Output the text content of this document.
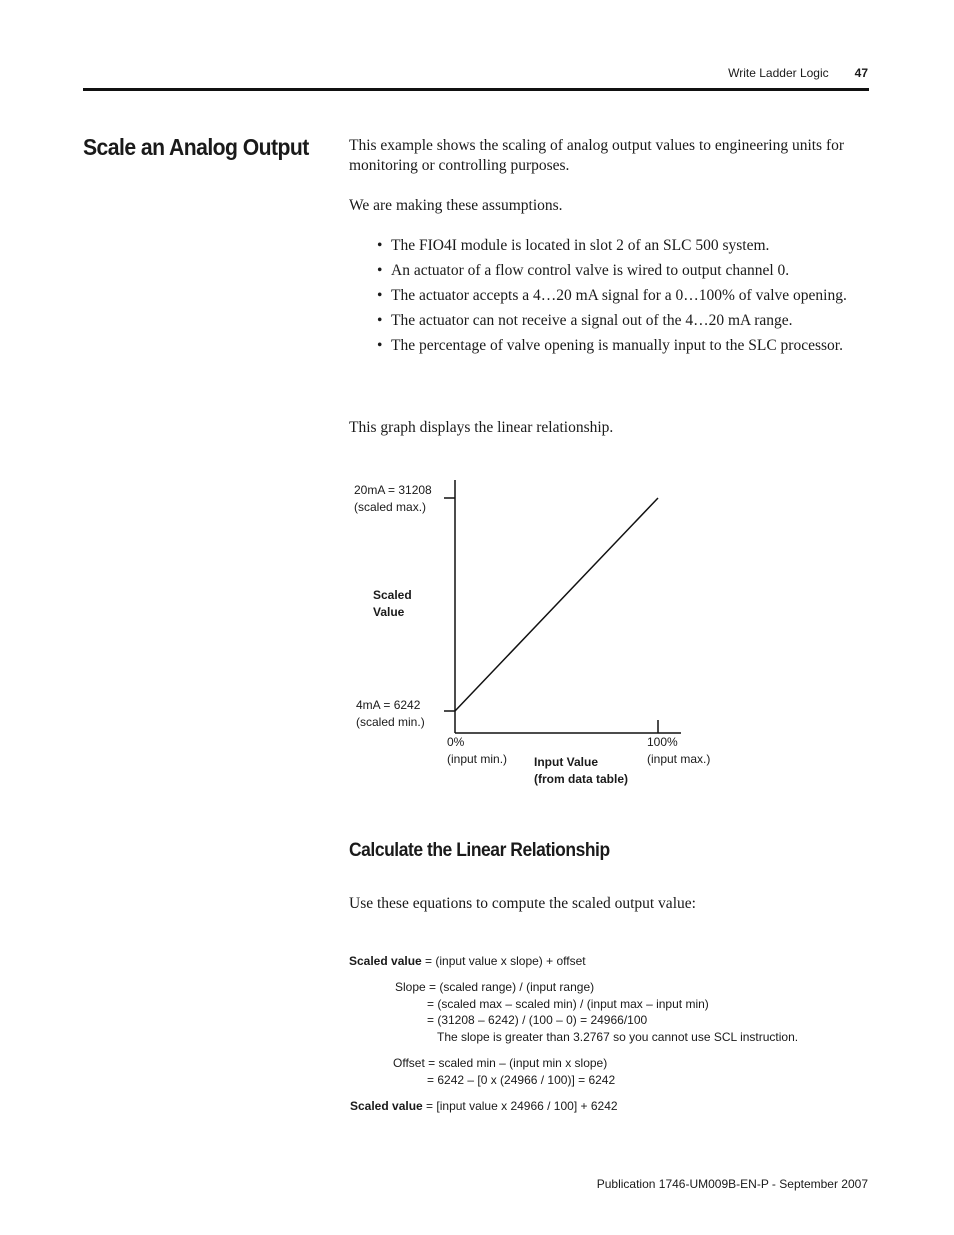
Write Ladder Logic 47
Scale an Analog Output	This example shows the scaling of analog output values to engineering units for monitoring or controlling purposes.
We are making these assumptions.
• The FIO4I module is located in slot 2 of an SLC 500 system.
• An actuator of a flow control valve is wired to output channel 0.
• The actuator accepts a 4…20 mA signal for a 0…100% of valve opening.
• The actuator can not receive a signal out of the 4…20 mA range.
• The percentage of valve opening is manually input to the SLC processor.
This graph displays the linear relationship.
20mA = 31208
(scaled max.)
Scaled
Value
4mA = 6242
(scaled min.)
0%
(input min.) Input Value
(from data table)
100%
(input max.)
Calculate the Linear Relationship
Use these equations to compute the scaled output value:
Scaled value = (input value x slope) + offset
Slope = (scaled range) / (input range)
= (scaled max – scaled min) / (input max – input min)
= (31208 – 6242) / (100 – 0) = 24966/100
The slope is greater than 3.2767 so you cannot use SCL instruction.
Offset = scaled min – (input min x slope)
= 6242 – [0 x (24966 / 100)] = 6242
Scaled value = [input value x 24966 / 100] + 6242
Publication 1746-UM009B-EN-P - September 2007
